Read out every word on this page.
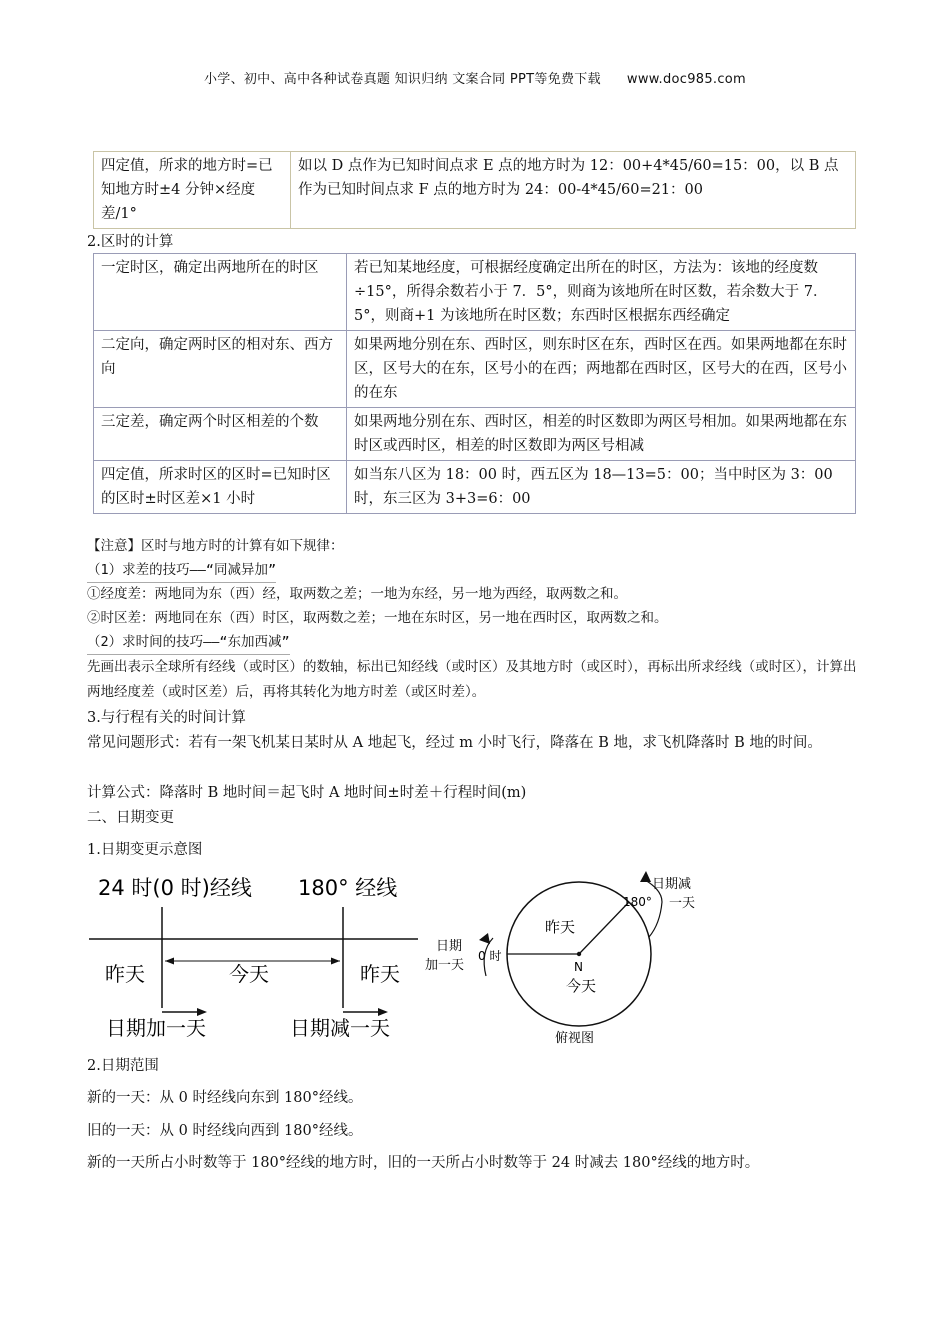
小学、初中、高中各种试卷真题 知识归纳 文案合同 PPT等免费下载 www.doc985.com
四定值，所求的地方时=已知地方时±4 分钟×经度差/1°	如以 D 点作为已知时间点求 E 点的地方时为 12：00+4*45/60=15：00，以 B 点作为已知时间点求 F 点的地方时为 24：00-4*45/60=21：00
2.区时的计算
一定时区，确定出两地所在的时区	若已知某地经度，可根据经度确定出所在的时区，方法为：该地的经度数÷15°，所得余数若小于 7．5°，则商为该地所在时区数，若余数大于 7．5°，则商+1 为该地所在时区数；东西时区根据东西经确定
二定向，确定两时区的相对东、西方向	如果两地分别在东、西时区，则东时区在东，西时区在西。如果两地都在东时区，区号大的在东，区号小的在西；两地都在西时区，区号大的在西，区号小的在东
三定差，确定两个时区相差的个数	如果两地分别在东、西时区，相差的时区数即为两区号相加。如果两地都在东时区或西时区，相差的时区数即为两区号相减
四定值，所求时区的区时=已知时区的区时±时区差×1 小时	如当东八区为 18：00 时，西五区为 18—13=5：00；当中时区为 3：00 时，东三区为 3+3=6：00
【注意】区时与地方时的计算有如下规律：
（1）求差的技巧——“同减异加”
①经度差：两地同为东（西）经，取两数之差；一地为东经，另一地为西经，取两数之和。
②时区差：两地同在东（西）时区，取两数之差；一地在东时区，另一地在西时区，取两数之和。
（2）求时间的技巧——“东加西减”
先画出表示全球所有经线（或时区）的数轴，标出已知经线（或时区）及其地方时（或区时），再标出所求经线（或时区），计算出两地经度差（或时区差）后，再将其转化为地方时差（或区时差）。
3.与行程有关的时间计算
常见问题形式：若有一架飞机某日某时从 A 地起飞，经过 m 小时飞行，降落在 B 地，求飞机降落时 B 地的时间。
计算公式：降落时 B 地时间＝起飞时 A 地时间±时差＋行程时间(m)
二、日期变更
1.日期变更示意图
24 时(0 时)经线 180° 经线
昨天	今天	昨天
日期加一天	日期减一天
昨天
N
今天
180°
0 时
日期
加一天
日期减
一天
俯视图
2.日期范围
新的一天：从 0 时经线向东到 180°经线。
旧的一天：从 0 时经线向西到 180°经线。
新的一天所占小时数等于 180°经线的地方时，旧的一天所占小时数等于 24 时减去 180°经线的地方时。
